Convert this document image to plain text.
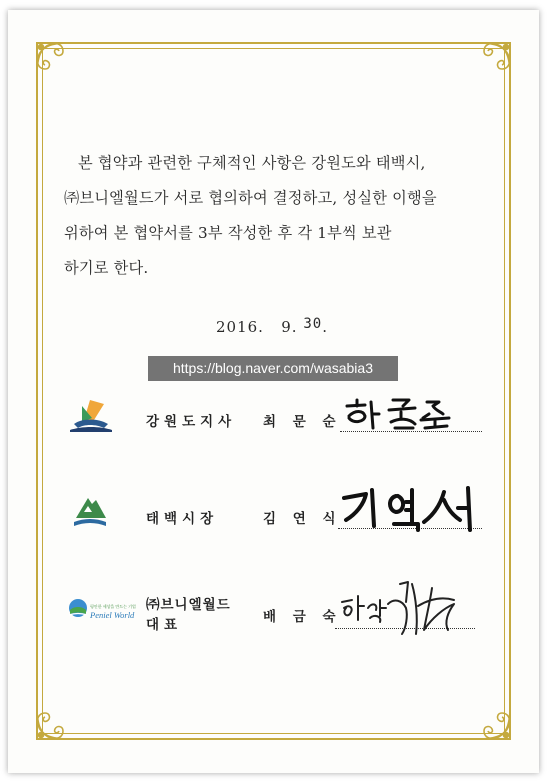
본 협약과 관련한 구체적인 사항은 강원도와 태백시,
㈜브니엘월드가 서로 협의하여 결정하고, 성실한 이행을
위하여 본 협약서를 3부 작성한 후 각 1부씩 보관
하기로 한다.
2016.   9. 30.
https://blog.naver.com/wasabia3
강원도지사 최 문 순
태백시장	김 연 식
평안한 세상을 만드는 기업
Peniel World
㈜브니엘월드
대표	배 금 숙
